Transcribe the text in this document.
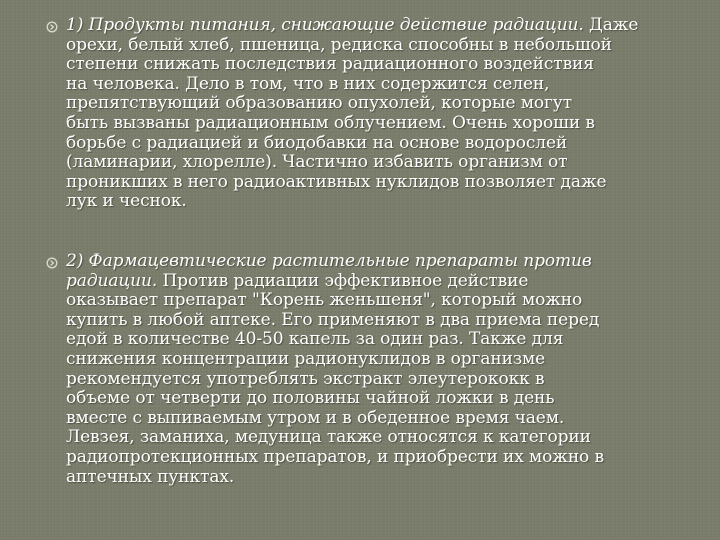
1) Продукты питания, снижающие действие радиации. Даже
орехи, белый хлеб, пшеница, редиска способны в небольшой
степени снижать последствия радиационного воздействия
на человека. Дело в том, что в них содержится селен,
препятствующий образованию опухолей, которые могут
быть вызваны радиационным облучением. Очень хороши в
борьбе с радиацией и биодобавки на основе водорослей
(ламинарии, хлорелле). Частично избавить организм от
проникших в него радиоактивных нуклидов позволяет даже
лук и чеснок.
2) Фармацевтические растительные препараты против
радиации. Против радиации эффективное действие
оказывает препарат "Корень женьшеня", который можно
купить в любой аптеке. Его применяют в два приема перед
едой в количестве 40-50 капель за один раз. Также для
снижения концентрации радионуклидов в организме
рекомендуется употреблять экстракт элеутерококк в
объеме от четверти до половины чайной ложки в день
вместе с выпиваемым утром и в обеденное время чаем.
Левзея, заманиха, медуница также относятся к категории
радиопротекционных препаратов, и приобрести их можно в
аптечных пунктах.
